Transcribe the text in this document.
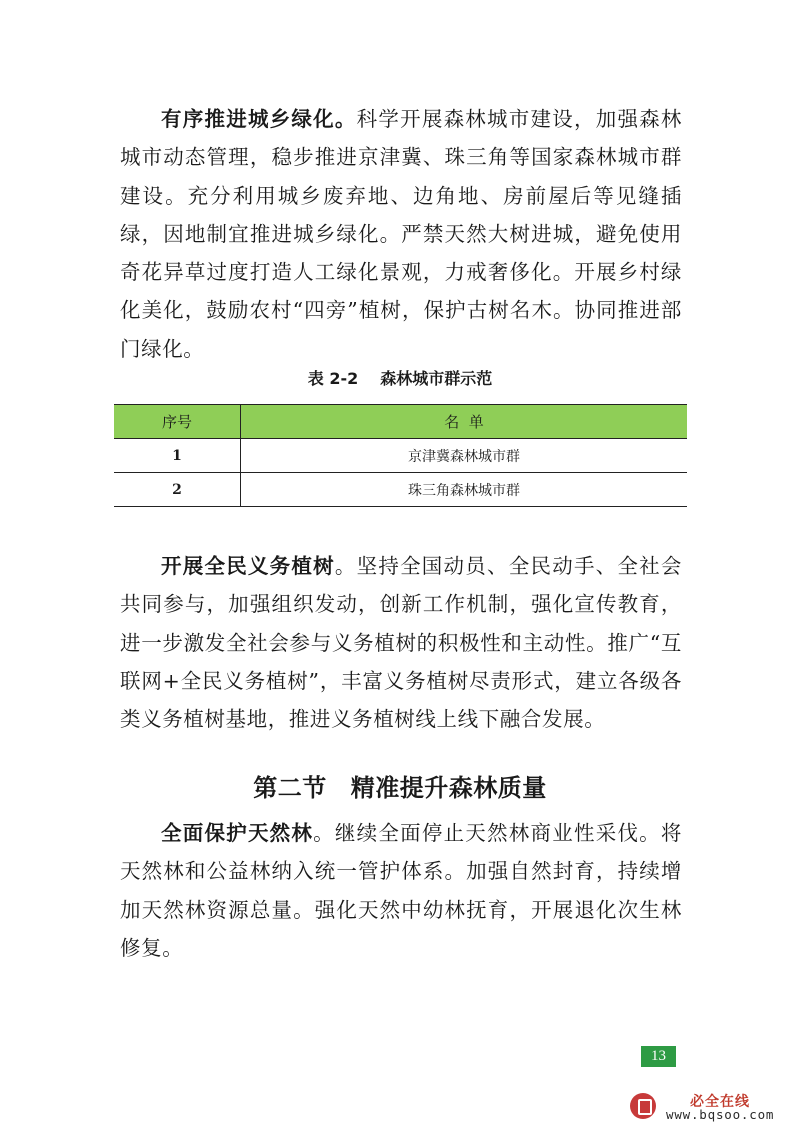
有序推进城乡绿化。科学开展森林城市建设，加强森林城市动态管理，稳步推进京津冀、珠三角等国家森林城市群建设。充分利用城乡废弃地、边角地、房前屋后等见缝插绿，因地制宜推进城乡绿化。严禁天然大树进城，避免使用奇花异草过度打造人工绿化景观，力戒奢侈化。开展乡村绿化美化，鼓励农村“四旁”植树，保护古树名木。协同推进部门绿化。

表 2-2 森林城市群示范

序号	名  单
1	京津冀森林城市群
2	珠三角森林城市群

开展全民义务植树。坚持全国动员、全民动手、全社会共同参与，加强组织发动，创新工作机制，强化宣传教育，进一步激发全社会参与义务植树的积极性和主动性。推广“互联网+全民义务植树”，丰富义务植树尽责形式，建立各级各类义务植树基地，推进义务植树线上线下融合发展。

第二节 精准提升森林质量

全面保护天然林。继续全面停止天然林商业性采伐。将天然林和公益林纳入统一管护体系。加强自然封育，持续增加天然林资源总量。强化天然中幼林抚育，开展退化次生林修复。

13
必全在线
www.bqsoo.com
